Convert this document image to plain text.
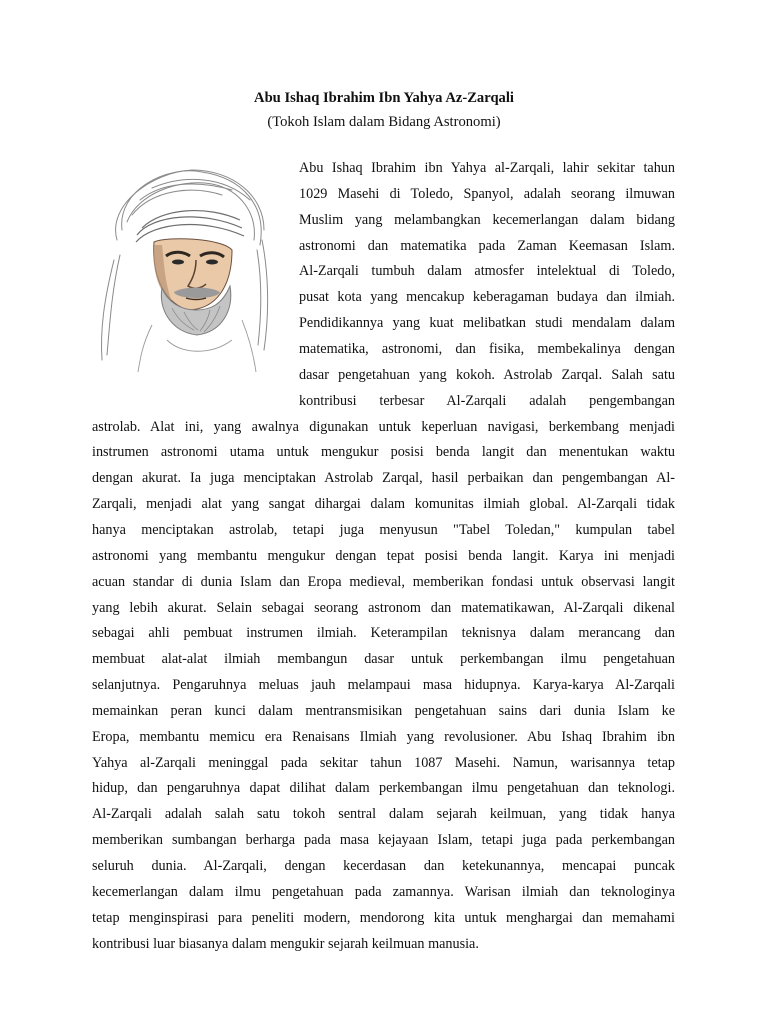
Abu Ishaq Ibrahim Ibn Yahya Az-Zarqali
(Tokoh Islam dalam Bidang Astronomi)
Abu Ishaq Ibrahim ibn Yahya al-Zarqali, lahir sekitar tahun
1029 Masehi di Toledo, Spanyol, adalah seorang ilmuwan
Muslim yang melambangkan kecemerlangan dalam bidang
astronomi dan matematika pada Zaman Keemasan Islam.
Al-Zarqali tumbuh dalam atmosfer intelektual di Toledo,
pusat kota yang mencakup keberagaman budaya dan ilmiah.
Pendidikannya yang kuat melibatkan studi mendalam dalam
matematika, astronomi, dan fisika, membekalinya dengan
dasar pengetahuan yang kokoh. Astrolab Zarqal. Salah satu
kontribusi terbesar Al-Zarqali adalah pengembangan
astrolab. Alat ini, yang awalnya digunakan untuk keperluan navigasi, berkembang menjadi
instrumen astronomi utama untuk mengukur posisi benda langit dan menentukan waktu
dengan akurat. Ia juga menciptakan Astrolab Zarqal, hasil perbaikan dan pengembangan Al-
Zarqali, menjadi alat yang sangat dihargai dalam komunitas ilmiah global. Al-Zarqali tidak
hanya menciptakan astrolab, tetapi juga menyusun "Tabel Toledan," kumpulan tabel
astronomi yang membantu mengukur dengan tepat posisi benda langit. Karya ini menjadi
acuan standar di dunia Islam dan Eropa medieval, memberikan fondasi untuk observasi langit
yang lebih akurat. Selain sebagai seorang astronom dan matematikawan, Al-Zarqali dikenal
sebagai ahli pembuat instrumen ilmiah. Keterampilan teknisnya dalam merancang dan
membuat alat-alat ilmiah membangun dasar untuk perkembangan ilmu pengetahuan
selanjutnya. Pengaruhnya meluas jauh melampaui masa hidupnya. Karya-karya Al-Zarqali
memainkan peran kunci dalam mentransmisikan pengetahuan sains dari dunia Islam ke
Eropa, membantu memicu era Renaisans Ilmiah yang revolusioner. Abu Ishaq Ibrahim ibn
Yahya al-Zarqali meninggal pada sekitar tahun 1087 Masehi. Namun, warisannya tetap
hidup, dan pengaruhnya dapat dilihat dalam perkembangan ilmu pengetahuan dan teknologi.
Al-Zarqali adalah salah satu tokoh sentral dalam sejarah keilmuan, yang tidak hanya
memberikan sumbangan berharga pada masa kejayaan Islam, tetapi juga pada perkembangan
seluruh dunia. Al-Zarqali, dengan kecerdasan dan ketekunannya, mencapai puncak
kecemerlangan dalam ilmu pengetahuan pada zamannya. Warisan ilmiah dan teknologinya
tetap menginspirasi para peneliti modern, mendorong kita untuk menghargai dan memahami
kontribusi luar biasanya dalam mengukir sejarah keilmuan manusia.
